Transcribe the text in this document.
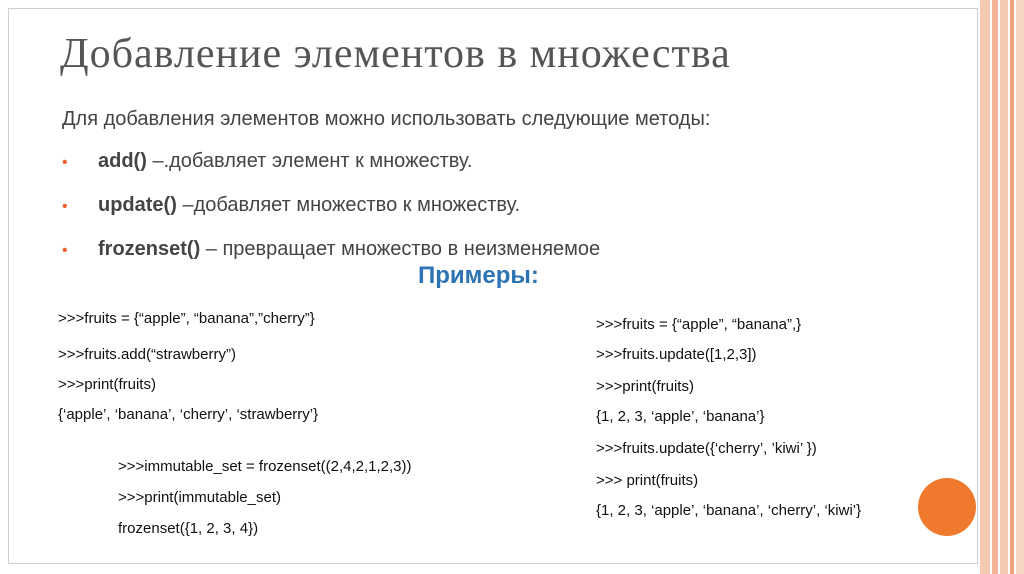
Добавление элементов в множества
Для добавления элементов можно использовать следующие методы:
• add() –.добавляет элемент к множеству.
• update() –добавляет множество к множеству.
• frozenset() – превращает множество в неизменяемое
Примеры:
>>>fruits = {“apple”, “banana”,”cherry”}
>>>fruits.add(“strawberry”)
>>>print(fruits)
{‘apple’, ‘banana’, ‘cherry’, ‘strawberry’}
>>>immutable_set = frozenset((2,4,2,1,2,3))
>>>print(immutable_set)
frozenset({1, 2, 3, 4})
>>>fruits = {“apple”, “banana”,}
>>>fruits.update([1,2,3])
>>>print(fruits)
{1, 2, 3, ‘apple’, ‘banana’}
>>>fruits.update({‘cherry’, ’kiwi’ })
>>> print(fruits)
{1, 2, 3, ‘apple’, ‘banana’, ‘cherry’, ‘kiwi’}
